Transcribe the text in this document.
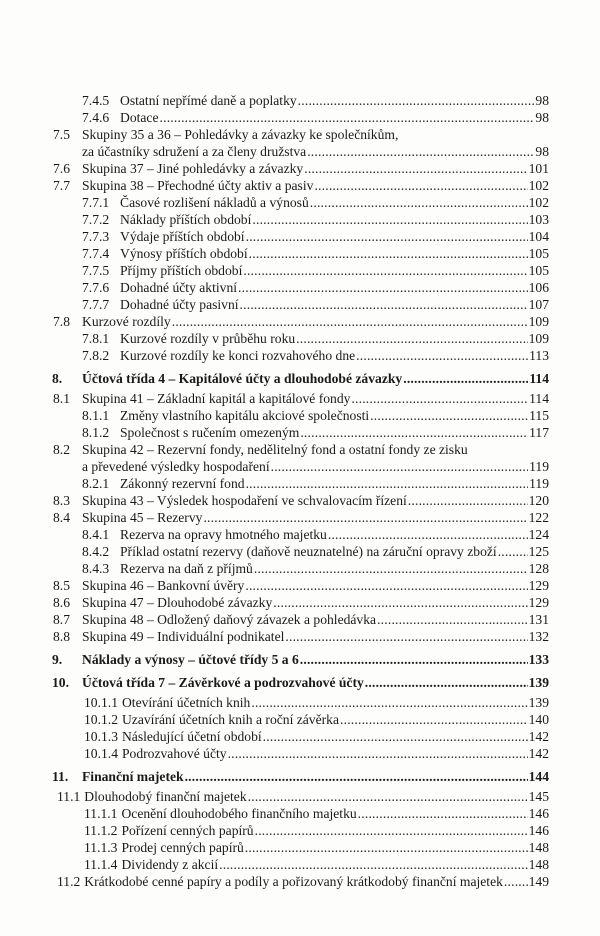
7.4.5 Ostatní nepřímé daně a poplatky . . .	98
7.4.6 Dotace . . .	98
7.5 Skupiny 35 a 36 – Pohledávky a závazky ke společníkům,
za účastníky sdružení a za členy družstva . . .	98
7.6 Skupina 37 – Jiné pohledávky a závazky . . .	101
7.7 Skupina 38 – Přechodné účty aktiv a pasiv . . .	102
7.7.1 Časové rozlišení nákladů a výnosů . . .	102
7.7.2 Náklady příštích období . . .	103
7.7.3 Výdaje příštích období . . .	104
7.7.4 Výnosy příštích období . . .	105
7.7.5 Příjmy příštích období . . .	105
7.7.6 Dohadné účty aktivní . . .	106
7.7.7 Dohadné účty pasivní . . .	107
7.8 Kurzové rozdíly . . .	109
7.8.1 Kurzové rozdíly v průběhu roku . . .	109
7.8.2 Kurzové rozdíly ke konci rozvahového dne . . .	113
8. Účtová třída 4 – Kapitálové účty a dlouhodobé závazky . . .	114
8.1 Skupina 41 – Základní kapitál a kapitálové fondy . . .	114
8.1.1 Změny vlastního kapitálu akciové společnosti . . .	115
8.1.2 Společnost s ručením omezeným . . .	117
8.2 Skupina 42 – Rezervní fondy, nedělitelný fond a ostatní fondy ze zisku
a převedené výsledky hospodaření . . .	119
8.2.1 Zákonný rezervní fond . . .	119
8.3 Skupina 43 – Výsledek hospodaření ve schvalovacím řízení . . .	120
8.4 Skupina 45 – Rezervy . . .	122
8.4.1 Rezerva na opravy hmotného majetku . . .	124
8.4.2 Příklad ostatní rezervy (daňově neuznatelné) na záruční opravy zboží . . . 125
8.4.3 Rezerva na daň z příjmů . . .	128
8.5 Skupina 46 – Bankovní úvěry . . .	129
8.6 Skupina 47 – Dlouhodobé závazky . . .	129
8.7 Skupina 48 – Odložený daňový závazek a pohledávka . . .	131
8.8 Skupina 49 – Individuální podnikatel . . .	132
9. Náklady a výnosy – účtové třídy 5 a 6 . . .	133
10. Účtová třída 7 – Závěrkové a podrozvahové účty . . .	139
10.1.1 Otevírání účetních knih . . .	139
10.1.2 Uzavírání účetních knih a roční závěrka . . .	140
10.1.3 Následující účetní období . . .	142
10.1.4 Podrozvahové účty . . .	142
11. Finanční majetek . . .	144
11.1 Dlouhodobý finanční majetek . . .	145
11.1.1 Ocenění dlouhodobého finančního majetku . . .	146
11.1.2 Pořízení cenných papírů . . .	146
11.1.3 Prodej cenných papírů . . .	148
11.1.4 Dividendy z akcií . . .	148
11.2 Krátkodobé cenné papíry a podíly a pořizovaný krátkodobý finanční majetek . . . 149
